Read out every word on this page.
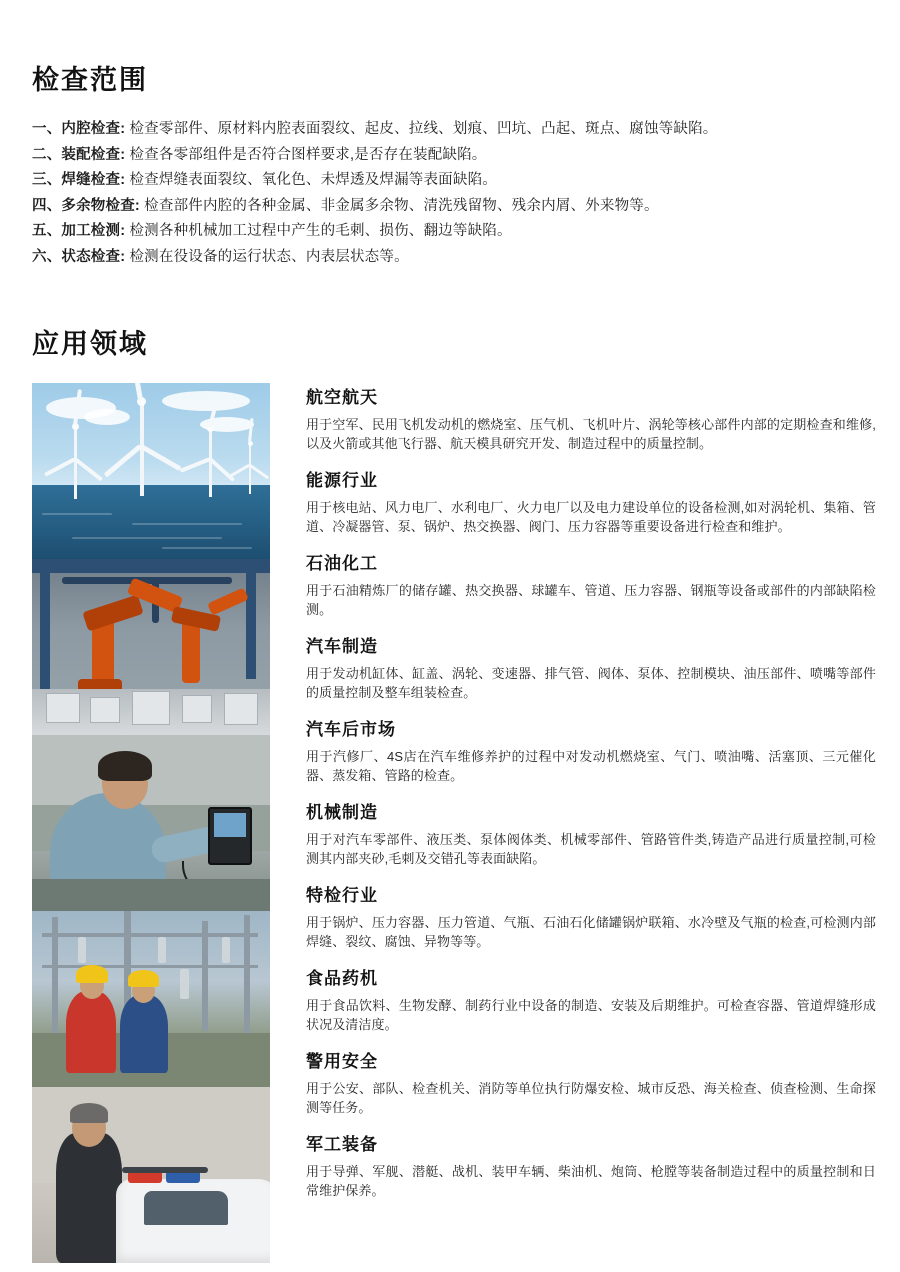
检查范围
一、内腔检查: 检查零部件、原材料内腔表面裂纹、起皮、拉线、划痕、凹坑、凸起、斑点、腐蚀等缺陷。
二、装配检查: 检查各零部组件是否符合图样要求,是否存在装配缺陷。
三、焊缝检查: 检查焊缝表面裂纹、氧化色、未焊透及焊漏等表面缺陷。
四、多余物检查: 检查部件内腔的各种金属、非金属多余物、清洗残留物、残余内屑、外来物等。
五、加工检测: 检测各种机械加工过程中产生的毛刺、损伤、翻边等缺陷。
六、状态检查: 检测在役设备的运行状态、内表层状态等。
应用领域
航空航天

用于空军、民用飞机发动机的燃烧室、压气机、飞机叶片、涡轮等核心部件内部的定期检查和维修,以及火箭或其他飞行器、航天模具研究开发、制造过程中的质量控制。

能源行业

用于核电站、风力电厂、水利电厂、火力电厂以及电力建设单位的设备检测,如对涡轮机、集箱、管道、冷凝器管、泵、锅炉、热交换器、阀门、压力容器等重要设备进行检查和维护。

石油化工

用于石油精炼厂的储存罐、热交换器、球罐车、管道、压力容器、钢瓶等设备或部件的内部缺陷检测。

汽车制造

用于发动机缸体、缸盖、涡轮、变速器、排气管、阀体、泵体、控制模块、油压部件、喷嘴等部件的质量控制及整车组装检查。

汽车后市场

用于汽修厂、4S店在汽车维修养护的过程中对发动机燃烧室、气门、喷油嘴、活塞顶、三元催化器、蒸发箱、管路的检查。

机械制造

用于对汽车零部件、液压类、泵体阀体类、机械零部件、管路管件类,铸造产品进行质量控制,可检测其内部夹砂,毛刺及交错孔等表面缺陷。

特检行业

用于锅炉、压力容器、压力管道、气瓶、石油石化储罐锅炉联箱、水冷壁及气瓶的检查,可检测内部焊缝、裂纹、腐蚀、异物等等。

食品药机

用于食品饮料、生物发酵、制药行业中设备的制造、安装及后期维护。可检查容器、管道焊缝形成状况及清洁度。

警用安全

用于公安、部队、检查机关、消防等单位执行防爆安检、城市反恐、海关检查、侦查检测、生命探测等任务。

军工装备

用于导弹、军舰、潜艇、战机、装甲车辆、柴油机、炮筒、枪膛等装备制造过程中的质量控制和日常维护保养。
